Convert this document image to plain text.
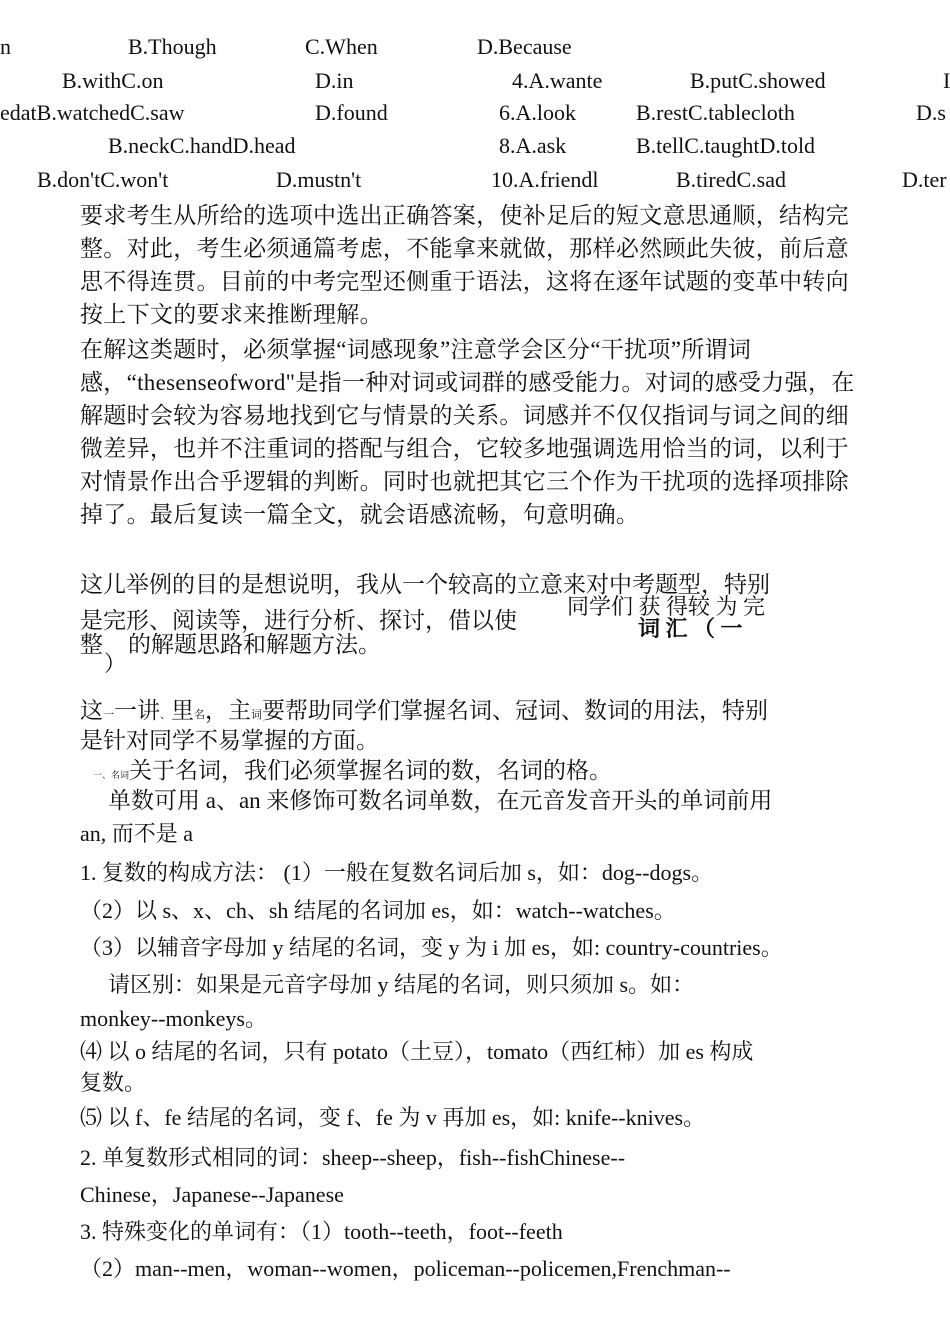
n	B.Though	C.When	D.Because
B.withC.on	D.in	4.A.wante	B.putC.showed	I
edatB.watchedC.saw	D.found	6.A.look	B.restC.tablecloth	D.s
B.neckC.handD.head	8.A.ask	B.tellC.taughtD.told
B.don'tC.won't	D.mustn't	10.A.friendl	B.tiredC.sad	D.ter
要求考生从所给的选项中选出正确答案，使补足后的短文意思通顺，结构完整。对此，考生必须通篇考虑，不能拿来就做，那样必然顾此失彼，前后意思不得连贯。目前的中考完型还侧重于语法，这将在逐年试题的变革中转向按上下文的要求来推断理解。
在解这类题时，必须掌握“词感现象”注意学会区分“干扰项”所谓词感，“thesenseofword"是指一种对词或词群的感受能力。对词的感受力强，在解题时会较为容易地找到它与情景的关系。词感并不仅仅指词与词之间的细微差异，也并不注重词的搭配与组合，它较多地强调选用恰当的词，以利于对情景作出合乎逻辑的判断。同时也就把其它三个作为干扰项的选择项排除掉了。最后复读一篇全文，就会语感流畅，句意明确。
这儿举例的目的是想说明，我从一个较高的立意来对中考题型，特别
是完形、阅读等，进行分析、探讨，借以使
整 的解题思路和解题方法。
同学们 获 得较 为 完
词 汇 （ 一
）
这一一讲、里名，主词要帮助同学们掌握名词、冠词、数词的用法，特别
是针对同学不易掌握的方面。
一、名词关于名词，我们必须掌握名词的数，名词的格。
单数可用 a、an 来修饰可数名词单数，在元音发音开头的单词前用
an, 而不是 a
1. 复数的构成方法： (1）一般在复数名词后加 s，如：dog--dogs。
（2）以 s、x、ch、sh 结尾的名词加 es，如：watch--watches。
（3）以辅音字母加 y 结尾的名词，变 y 为 i 加 es，如: country-countries。
请区别：如果是元音字母加 y 结尾的名词，则只须加 s。如：
monkey--monkeys。
⑷ 以 o 结尾的名词，只有 potato（土豆），tomato（西红柿）加 es 构成
复数。
⑸ 以 f、fe 结尾的名词，变 f、fe 为 v 再加 es，如: knife--knives。
2. 单复数形式相同的词：sheep--sheep，fish--fishChinese--
Chinese，Japanese--Japanese
3. 特殊变化的单词有：（1）tooth--teeth，foot--feeth
（2）man--men，woman--women，policeman--policemen,Frenchman--
